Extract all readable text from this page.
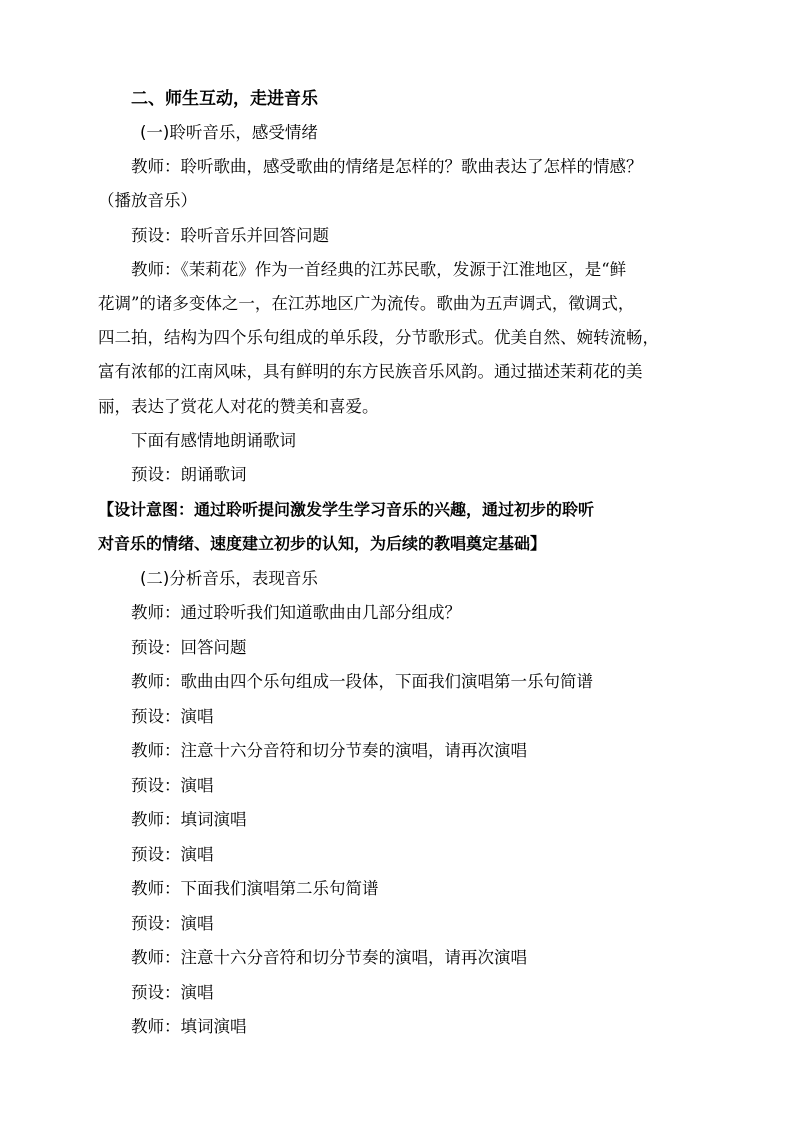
二、师生互动，走进音乐
(一)聆听音乐，感受情绪
教师：聆听歌曲，感受歌曲的情绪是怎样的？歌曲表达了怎样的情感？
（播放音乐）
预设：聆听音乐并回答问题
教师：《茉莉花》作为一首经典的江苏民歌，发源于江淮地区，是“鲜
花调”的诸多变体之一，在江苏地区广为流传。歌曲为五声调式，徵调式，
四二拍，结构为四个乐句组成的单乐段，分节歌形式。优美自然、婉转流畅，
富有浓郁的江南风味，具有鲜明的东方民族音乐风韵。通过描述茉莉花的美
丽，表达了赏花人对花的赞美和喜爱。
下面有感情地朗诵歌词
预设：朗诵歌词
【设计意图：通过聆听提问激发学生学习音乐的兴趣，通过初步的聆听
对音乐的情绪、速度建立初步的认知，为后续的教唱奠定基础】
(二)分析音乐，表现音乐
教师：通过聆听我们知道歌曲由几部分组成？
预设：回答问题
教师：歌曲由四个乐句组成一段体，下面我们演唱第一乐句简谱
预设：演唱
教师：注意十六分音符和切分节奏的演唱，请再次演唱
预设：演唱
教师：填词演唱
预设：演唱
教师：下面我们演唱第二乐句简谱
预设：演唱
教师：注意十六分音符和切分节奏的演唱，请再次演唱
预设：演唱
教师：填词演唱
